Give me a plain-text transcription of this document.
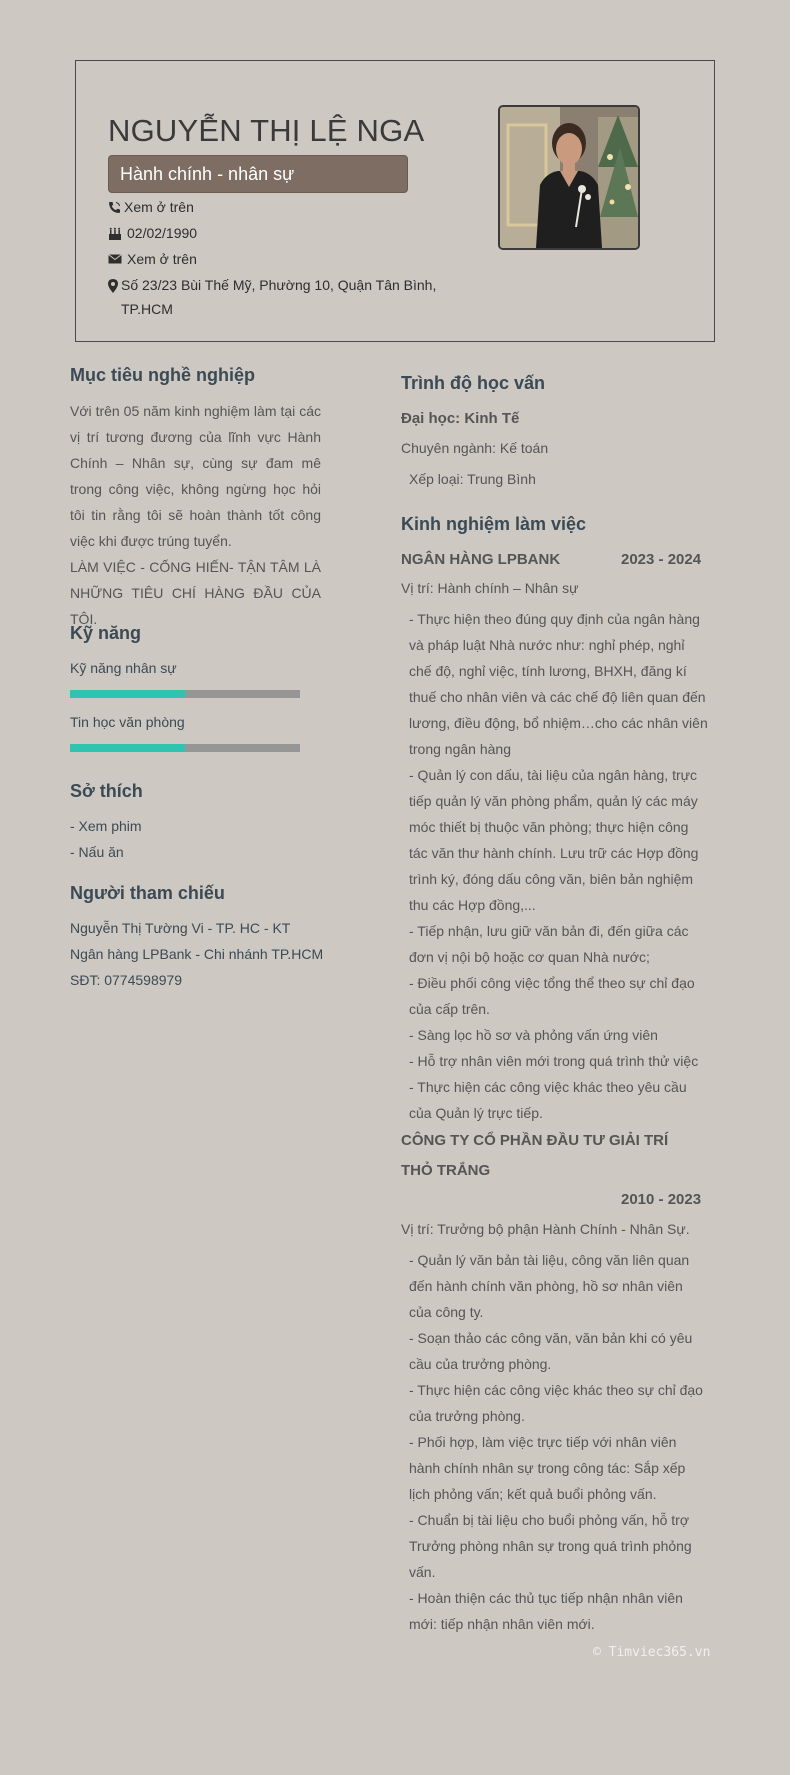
NGUYỄN THỊ LỆ NGA
Hành chính - nhân sự
Xem ở trên
02/02/1990
Xem ở trên
Số 23/23 Bùi Thế Mỹ, Phường 10, Quận Tân Bình,
TP.HCM
Mục tiêu nghề nghiệp
Với trên 05 năm kinh nghiệm làm tại các vị trí tương đương của lĩnh vực Hành Chính – Nhân sự, cùng sự đam mê trong công việc, không ngừng học hỏi tôi tin rằng tôi sẽ hoàn thành tốt công việc khi được trúng tuyển.
LÀM VIỆC - CỐNG HIẾN- TẬN TÂM LÀ NHỮNG TIÊU CHÍ HÀNG ĐẦU CỦA TÔI.
Kỹ năng
Kỹ năng nhân sự
Tin học văn phòng
Sở thích
- Xem phim
- Nấu ăn
Người tham chiếu
Nguyễn Thị Tường Vi - TP. HC - KT
Ngân hàng LPBank - Chi nhánh TP.HCM
SĐT: 0774598979
Trình độ học vấn
Đại học: Kinh Tế
Chuyên ngành: Kế toán
Xếp loại: Trung Bình
Kinh nghiệm làm việc
NGÂN HÀNG LPBANK	2023 - 2024
Vị trí: Hành chính – Nhân sự
- Thực hiện theo đúng quy định của ngân hàng và pháp luật Nhà nước như: nghỉ phép, nghỉ chế độ, nghỉ việc, tính lương, BHXH, đăng kí thuế cho nhân viên và các chế độ liên quan đến lương, điều động, bổ nhiệm…cho các nhân viên trong ngân hàng
- Quản lý con dấu, tài liệu của ngân hàng, trực tiếp quản lý văn phòng phẩm, quản lý các máy móc thiết bị thuộc văn phòng; thực hiện công tác văn thư hành chính. Lưu trữ các Hợp đồng trình ký, đóng dấu công văn, biên bản nghiệm thu các Hợp đồng,...
- Tiếp nhận, lưu giữ văn bản đi, đến giữa các đơn vị nội bộ hoặc cơ quan Nhà nước;
- Điều phối công việc tổng thể theo sự chỉ đạo của cấp trên.
- Sàng lọc hồ sơ và phỏng vấn ứng viên
- Hỗ trợ nhân viên mới trong quá trình thử việc
- Thực hiện các công việc khác theo yêu cầu của Quản lý trực tiếp.
CÔNG TY CỔ PHẦN ĐẦU TƯ GIẢI TRÍ THỎ TRẮNG
2010 - 2023
Vị trí: Trưởng bộ phận Hành Chính - Nhân Sự.
- Quản lý văn bản tài liệu, công văn liên quan đến hành chính văn phòng, hồ sơ nhân viên của công ty.
- Soạn thảo các công văn, văn bản khi có yêu cầu của trưởng phòng.
- Thực hiện các công việc khác theo sự chỉ đạo của trưởng phòng.
- Phối hợp, làm việc trực tiếp với nhân viên hành chính nhân sự trong công tác: Sắp xếp lịch phỏng vấn; kết quả buổi phỏng vấn.
- Chuẩn bị tài liệu cho buổi phỏng vấn, hỗ trợ Trưởng phòng nhân sự trong quá trình phỏng vấn.
- Hoàn thiện các thủ tục tiếp nhận nhân viên mới: tiếp nhận nhân viên mới.
© Timviec365.vn
